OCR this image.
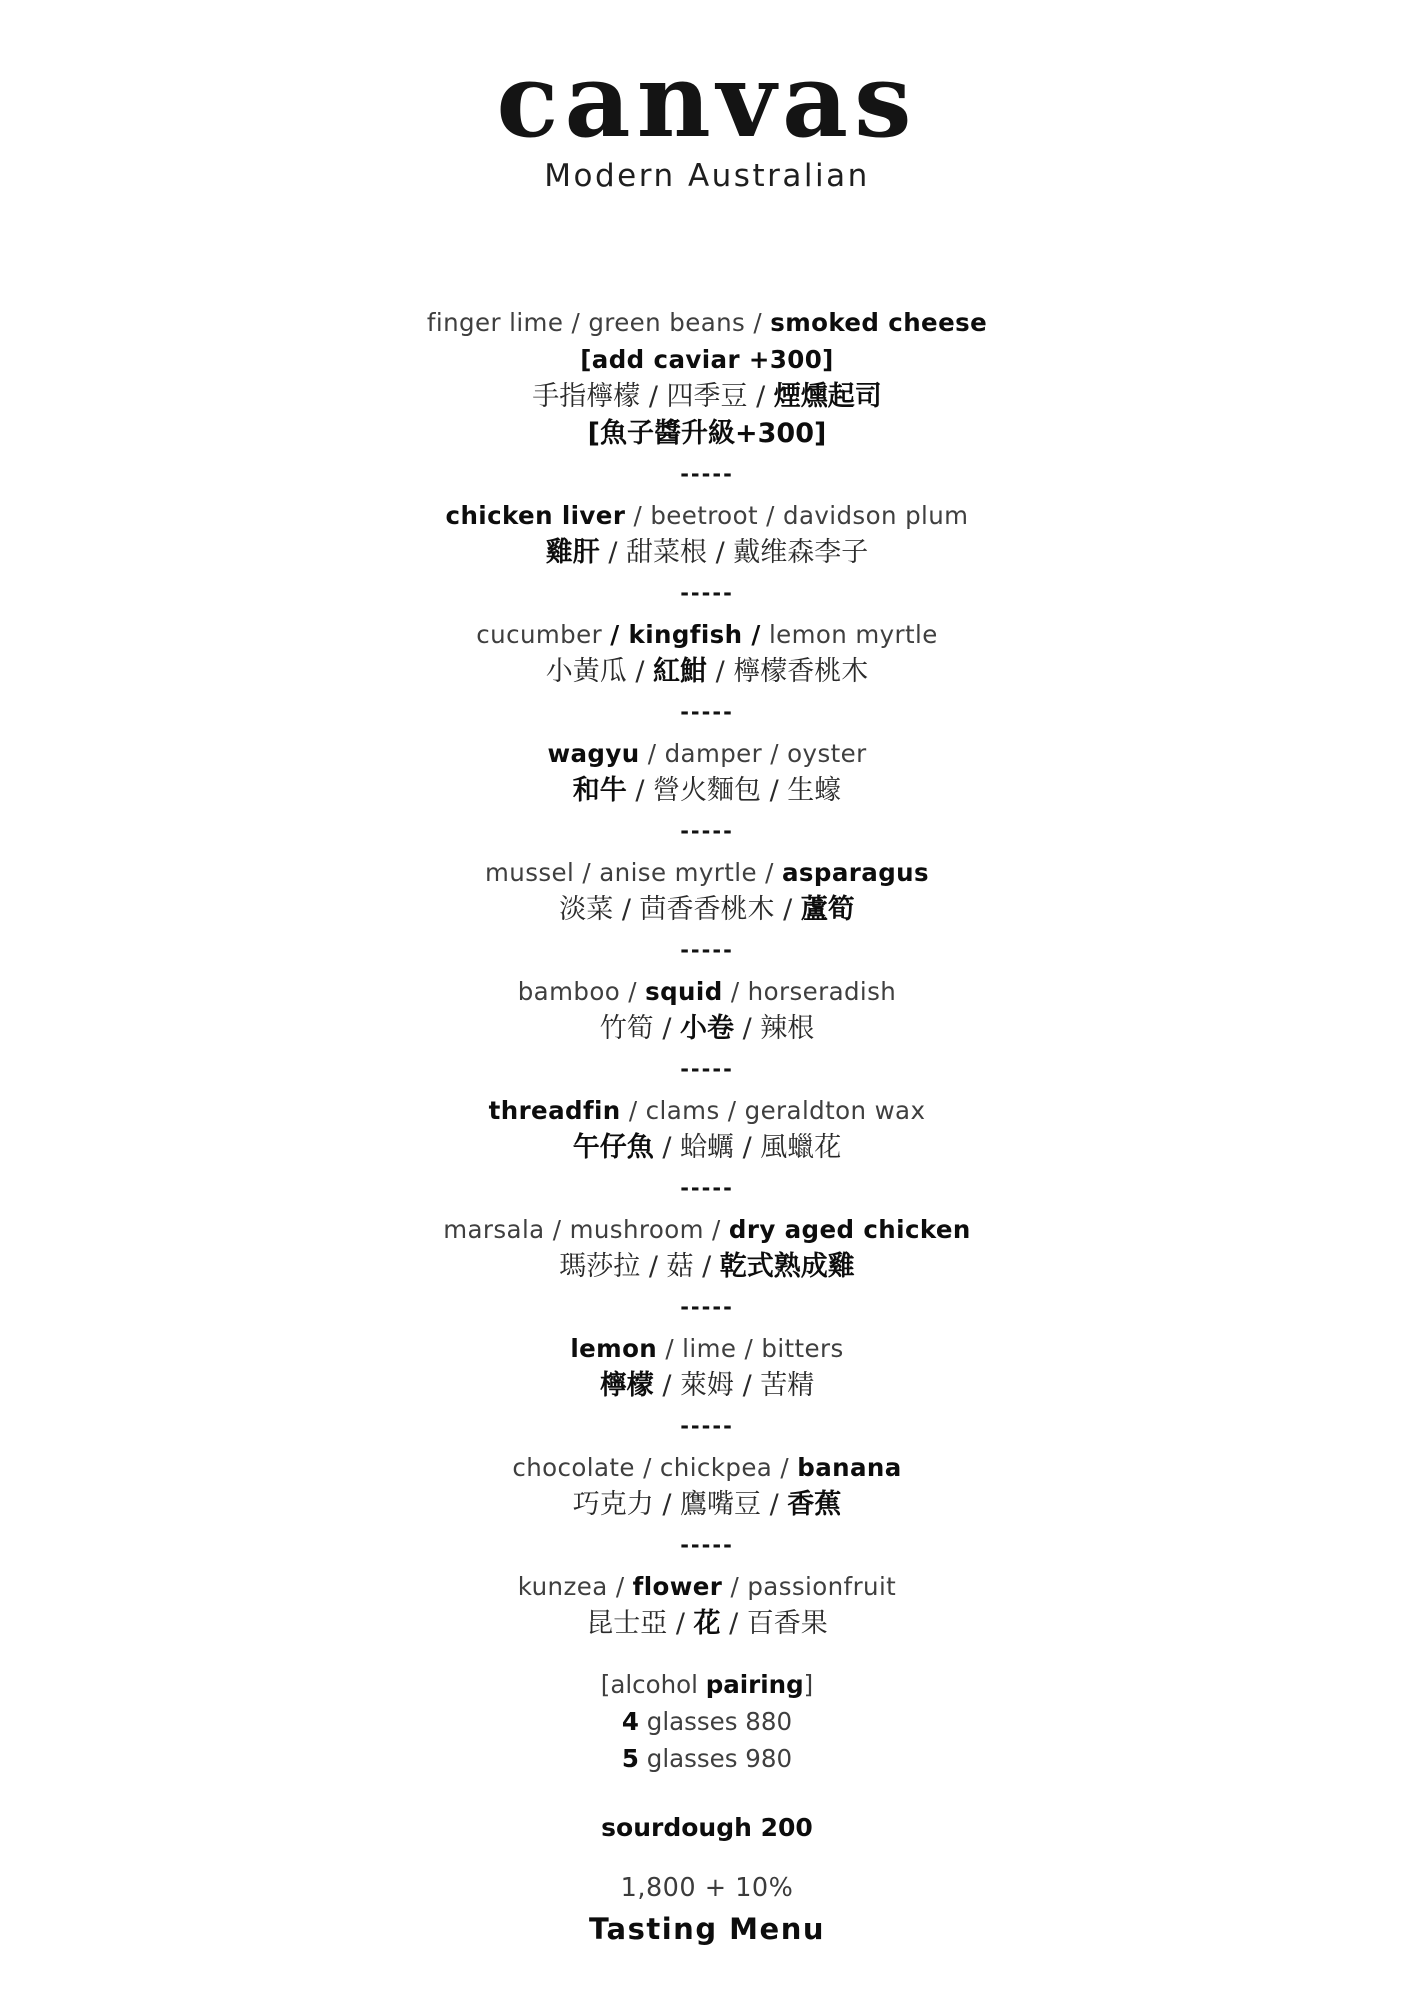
canvas
Modern Australian
finger lime / green beans / smoked cheese
[add caviar +300]
手指檸檬 / 四季豆 / 煙燻起司
[魚子醬升級+300]
-----
chicken liver / beetroot / davidson plum
雞肝 / 甜菜根 / 戴维森李子
-----
cucumber / kingfish / lemon myrtle
小黃瓜 / 紅魽 / 檸檬香桃木
-----
wagyu / damper / oyster
和牛 / 營火麵包 / 生蠔
-----
mussel / anise myrtle / asparagus
淡菜 / 茴香香桃木 / 蘆筍
-----
bamboo / squid / horseradish
竹筍 / 小卷 / 辣根
-----
threadfin / clams / geraldton wax
午仔魚 / 蛤蠣 / 風蠟花
-----
marsala / mushroom / dry aged chicken
瑪莎拉 / 菇 / 乾式熟成雞
-----
lemon / lime / bitters
檸檬 / 萊姆 / 苦精
-----
chocolate / chickpea / banana
巧克力 / 鷹嘴豆 / 香蕉
-----
kunzea / flower / passionfruit
昆士亞 / 花 / 百香果
[alcohol pairing]
4 glasses 880
5 glasses 980
sourdough 200
1,800 + 10%
Tasting Menu
